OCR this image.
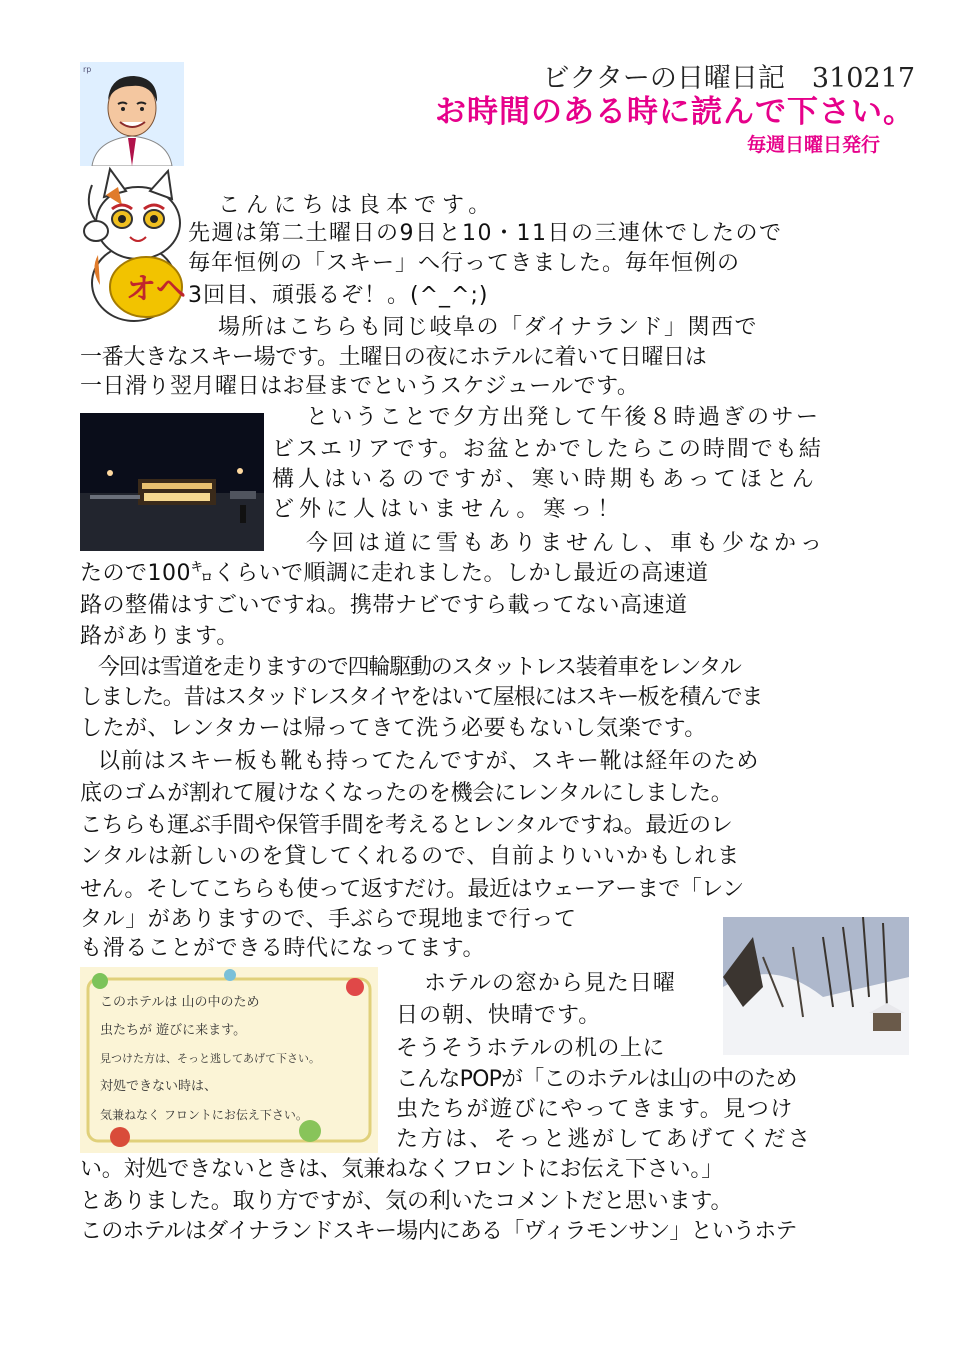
ビクターの日曜日記　310217
お時間のある時に読んで下さい。
毎週日曜日発行
rp
オヘ
このホテルは 山の中のため
虫たちが 遊びに来ます。
見つけた方は、そっと逃してあげて下さい。
対処できない時は、
気兼ねなく フロントにお伝え下さい。
こんにちは良本です。
先週は第二土曜日の9日と10・11日の三連休でしたので
毎年恒例の「スキー」へ行ってきました。毎年恒例の
3回目、頑張るぞ！。(^_^;)
場所はこちらも同じ岐阜の「ダイナランド」関西で
一番大きなスキー場です。土曜日の夜にホテルに着いて日曜日は
一日滑り翌月曜日はお昼までというスケジュールです。
ということで夕方出発して午後８時過ぎのサー
ビスエリアです。お盆とかでしたらこの時間でも結
構人はいるのですが、寒い時期もあってほとん
ど外に人はいません。寒っ！
今回は道に雪もありませんし、車も少なかっ
たので100㌔くらいで順調に走れました。しかし最近の高速道
路の整備はすごいですね。携帯ナビですら載ってない高速道
路があります。
今回は雪道を走りますので四輪駆動のスタットレス装着車をレンタル
しました。昔はスタッドレスタイヤをはいて屋根にはスキー板を積んでま
したが、レンタカーは帰ってきて洗う必要もないし気楽です。
以前はスキー板も靴も持ってたんですが、スキー靴は経年のため
底のゴムが割れて履けなくなったのを機会にレンタルにしました。
こちらも運ぶ手間や保管手間を考えるとレンタルですね。最近のレ
ンタルは新しいのを貸してくれるので、自前よりいいかもしれま
せん。そしてこちらも使って返すだけ。最近はウェーアーまで「レン
タル」がありますので、手ぶらで現地まで行って
も滑ることができる時代になってます。
ホテルの窓から見た日曜
日の朝、快晴です。
そうそうホテルの机の上に
こんなPOPが「このホテルは山の中のため
虫たちが遊びにやってきます。見つけ
た方は、そっと逃がしてあげてくださ
い。対処できないときは、気兼ねなくフロントにお伝え下さい。」
とありました。取り方ですが、気の利いたコメントだと思います。
このホテルはダイナランドスキー場内にある「ヴィラモンサン」というホテ
